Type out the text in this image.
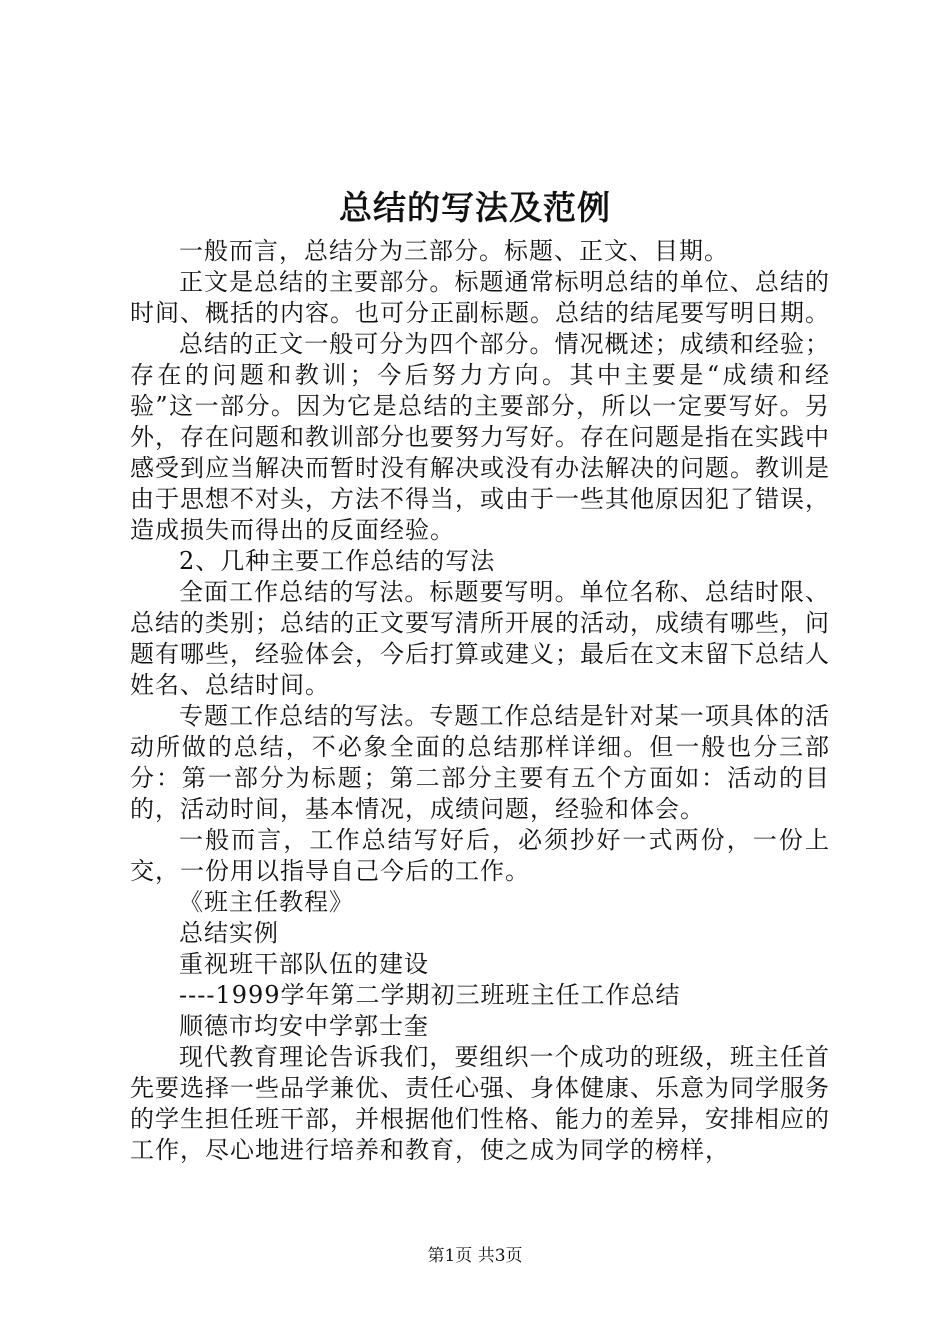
总结的写法及范例

一般而言，总结分为三部分。标题、正文、目期。

正文是总结的主要部分。标题通常标明总结的单位、总结的时间、概括的内容。也可分正副标题。总结的结尾要写明日期。

总结的正文一般可分为四个部分。情况概述；成绩和经验；存在的问题和教训；今后努力方向。其中主要是“成绩和经验”这一部分。因为它是总结的主要部分，所以一定要写好。另外，存在问题和教训部分也要努力写好。存在问题是指在实践中感受到应当解决而暂时没有解决或没有办法解决的问题。教训是由于思想不对头，方法不得当，或由于一些其他原因犯了错误，造成损失而得出的反面经验。

2、几种主要工作总结的写法

全面工作总结的写法。标题要写明。单位名称、总结时限、总结的类别；总结的正文要写清所开展的活动，成绩有哪些，问题有哪些，经验体会，今后打算或建义；最后在文末留下总结人姓名、总结时间。

专题工作总结的写法。专题工作总结是针对某一项具体的活动所做的总结，不必象全面的总结那样详细。但一般也分三部分：第一部分为标题；第二部分主要有五个方面如：活动的目的，活动时间，基本情况，成绩问题，经验和体会。

一般而言，工作总结写好后，必须抄好一式两份，一份上交，一份用以指导自己今后的工作。

《班主任教程》

总结实例

重视班干部队伍的建设

----1999学年第二学期初三班班主任工作总结

顺德市均安中学郭士奎

现代教育理论告诉我们，要组织一个成功的班级，班主任首先要选择一些品学兼优、责任心强、身体健康、乐意为同学服务的学生担任班干部，并根据他们性格、能力的差异，安排相应的工作，尽心地进行培养和教育，使之成为同学的榜样，

第1页 共3页
